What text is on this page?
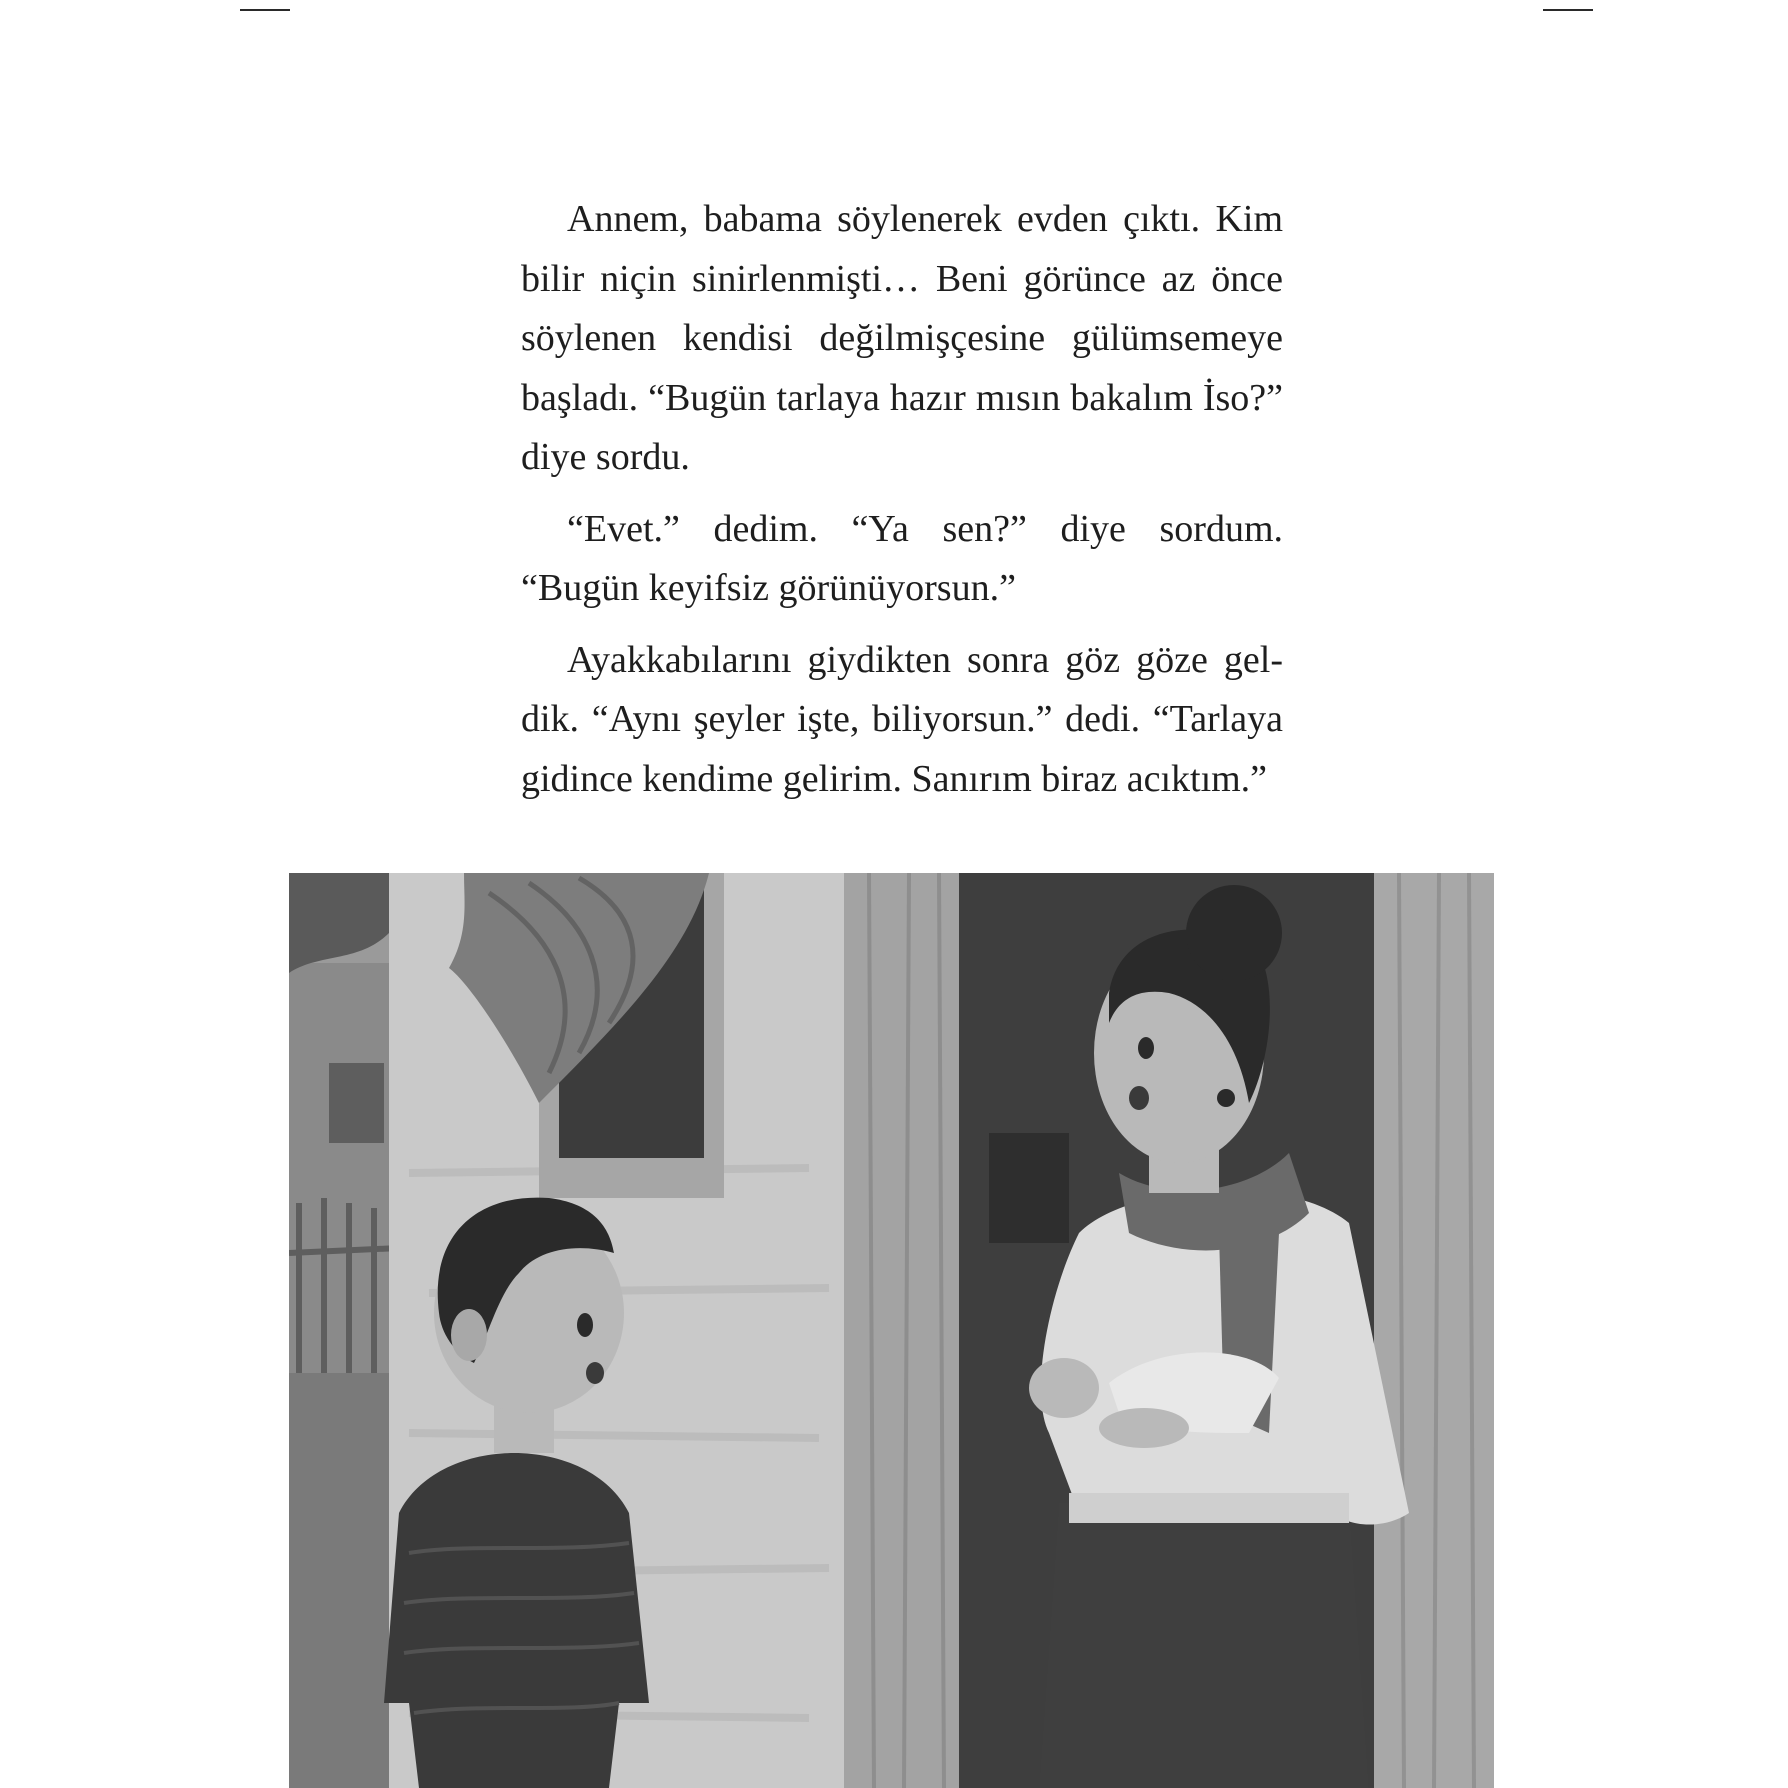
Annem, babama söylenerek evden çıktı. Kim bilir niçin sinirlenmişti… Beni görünce az önce söylenen kendisi değilmişçesine gülümsemeye başladı. “Bugün tarlaya hazır mısın bakalım İso?” diye sordu.

“Evet.” dedim. “Ya sen?” diye sordum. “Bugün keyifsiz görünüyorsun.”

Ayakkabılarını giydikten sonra göz göze geldik. “Aynı şeyler işte, biliyorsun.” dedi. “Tarlaya gidince kendime gelirim. Sanırım biraz acıktım.”
